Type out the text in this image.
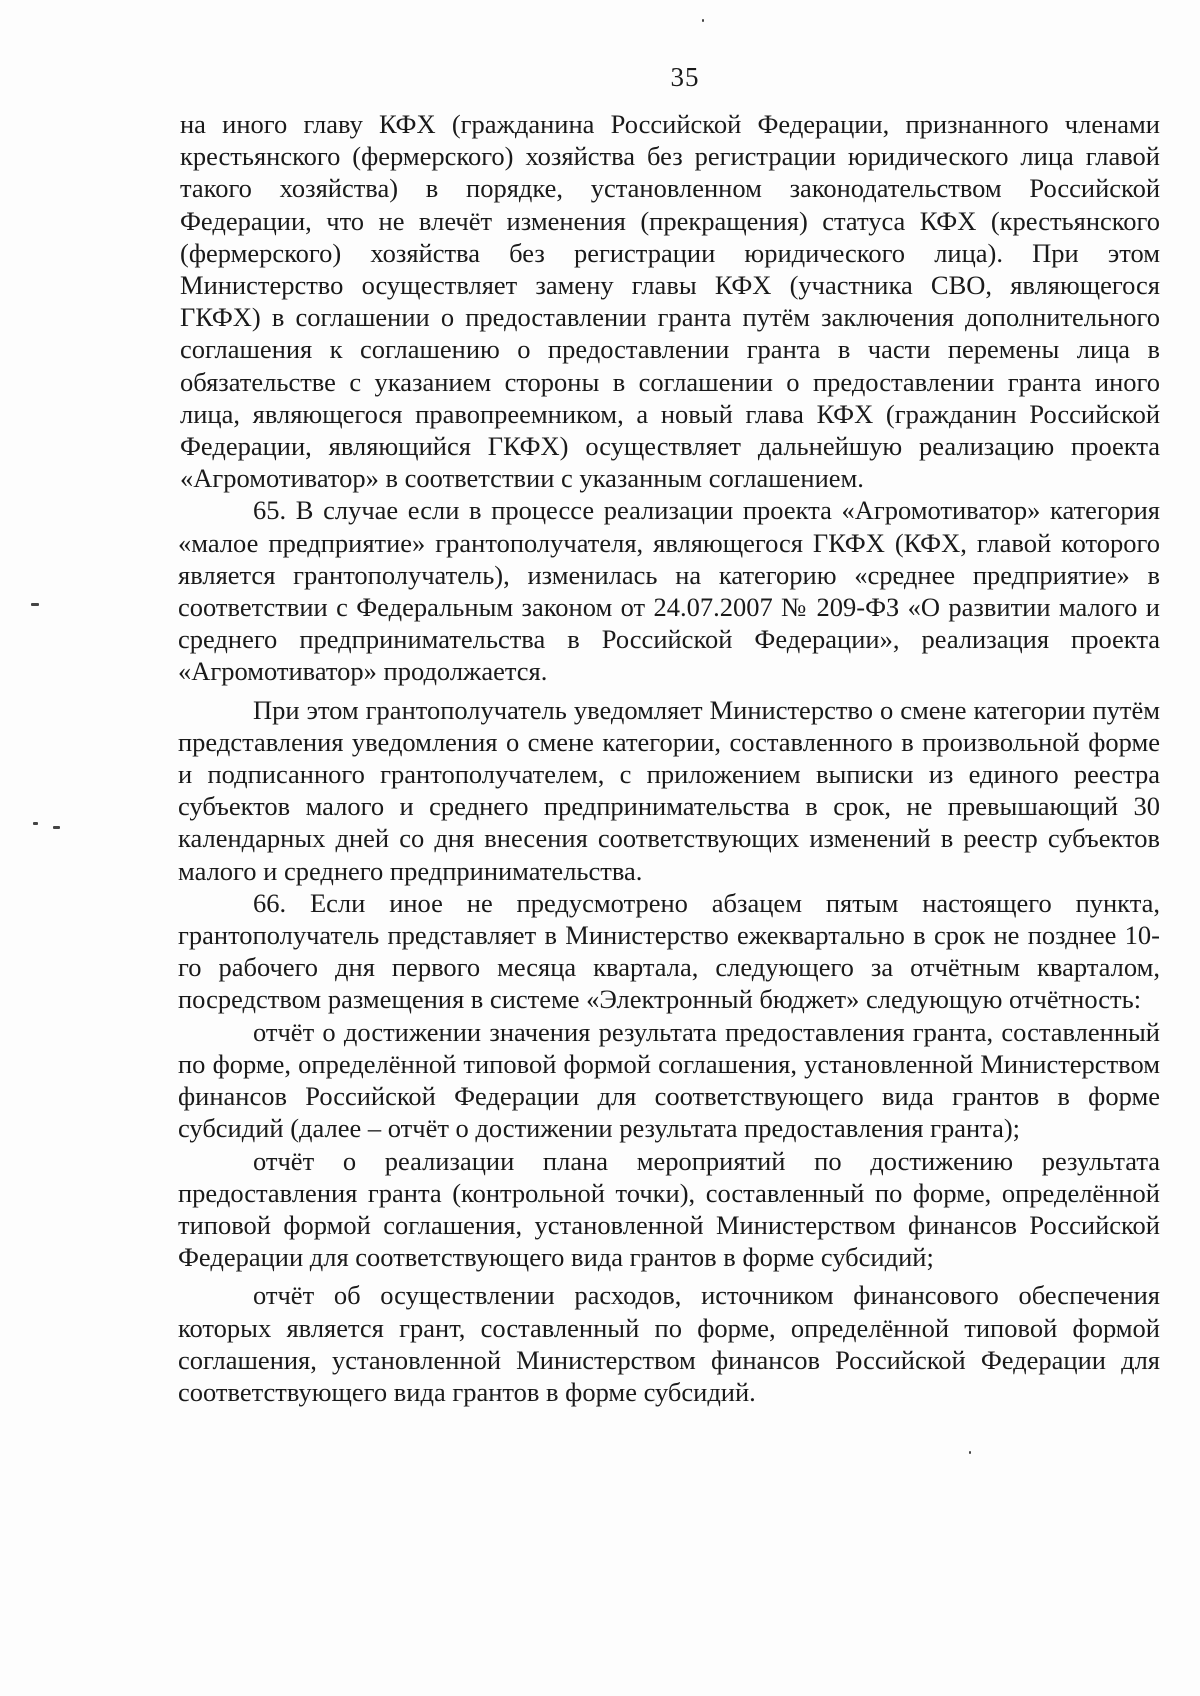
35

на иного главу КФХ (гражданина Российской Федерации, признанного членами крестьянского (фермерского) хозяйства без регистрации юридического лица главой такого хозяйства) в порядке, установленном законодательством Российской Федерации, что не влечёт изменения (прекращения) статуса КФХ (крестьянского (фермерского) хозяйства без регистрации юридического лица). При этом Министерство осуществляет замену главы КФХ (участника СВО, являющегося ГКФХ) в соглашении о предоставлении гранта путём заключения дополнительного соглашения к соглашению о предоставлении гранта в части перемены лица в обязательстве с указанием стороны в соглашении о предоставлении гранта иного лица, являющегося правопреемником, а новый глава КФХ (гражданин Российской Федерации, являющийся ГКФХ) осуществляет дальнейшую реализацию проекта «Агромотиватор» в соответствии с указанным соглашением.

65. В случае если в процессе реализации проекта «Агромотиватор» категория «малое предприятие» грантополучателя, являющегося ГКФХ (КФХ, главой которого является грантополучатель), изменилась на категорию «среднее предприятие» в соответствии с Федеральным законом от 24.07.2007 № 209-ФЗ «О развитии малого и среднего предпринимательства в Российской Федерации», реализация проекта «Агромотиватор» продолжается.

При этом грантополучатель уведомляет Министерство о смене категории путём представления уведомления о смене категории, составленного в произвольной форме и подписанного грантополучателем, с приложением выписки из единого реестра субъектов малого и среднего предпринимательства в срок, не превышающий 30 календарных дней со дня внесения соответствующих изменений в реестр субъектов малого и среднего предпринимательства.

66. Если иное не предусмотрено абзацем пятым настоящего пункта, грантополучатель представляет в Министерство ежеквартально в срок не позднее 10-го рабочего дня первого месяца квартала, следующего за отчётным кварталом, посредством размещения в системе «Электронный бюджет» следующую отчётность:

отчёт о достижении значения результата предоставления гранта, составленный по форме, определённой типовой формой соглашения, установленной Министерством финансов Российской Федерации для соответствующего вида грантов в форме субсидий (далее – отчёт о достижении результата предоставления гранта);

отчёт о реализации плана мероприятий по достижению результата предоставления гранта (контрольной точки), составленный по форме, определённой типовой формой соглашения, установленной Министерством финансов Российской Федерации для соответствующего вида грантов в форме субсидий;

отчёт об осуществлении расходов, источником финансового обеспечения которых является грант, составленный по форме, определённой типовой формой соглашения, установленной Министерством финансов Российской Федерации для соответствующего вида грантов в форме субсидий.
